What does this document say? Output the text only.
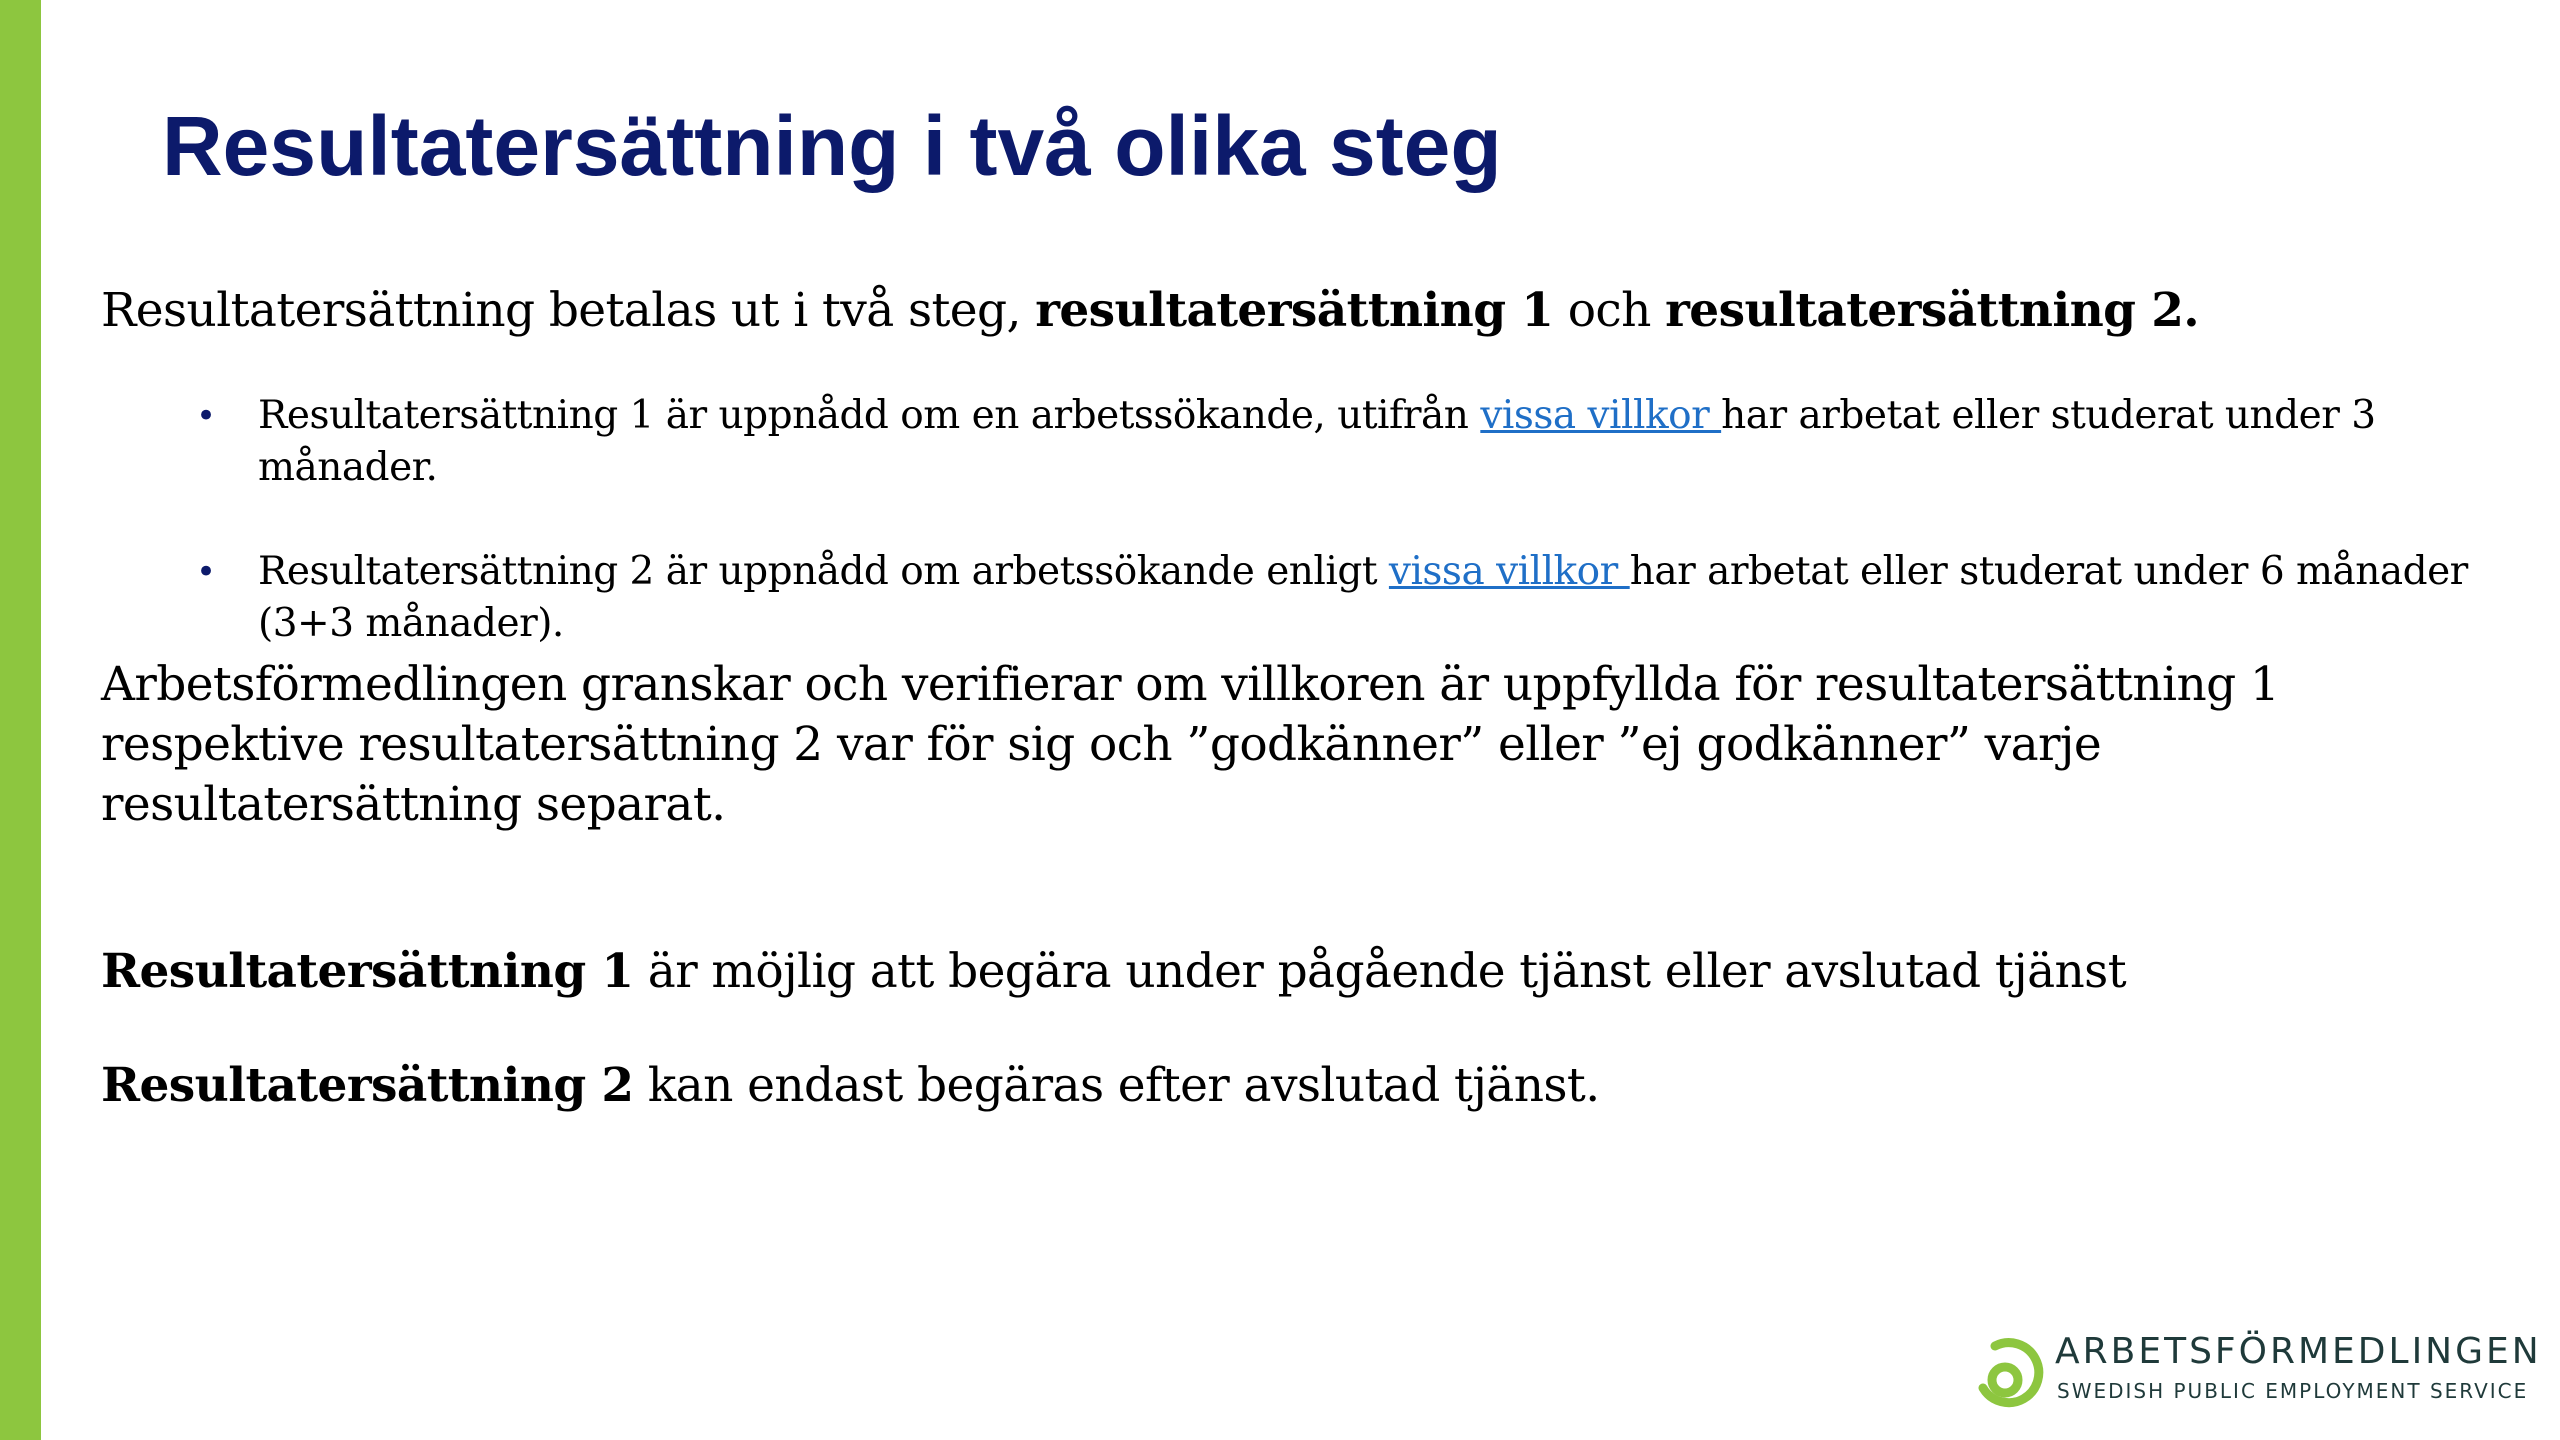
Resultatersättning i två olika steg

Resultatersättning betalas ut i två steg, resultatersättning 1 och resultatersättning 2.

• Resultatersättning 1 är uppnådd om en arbetssökande, utifrån vissa villkor har arbetat eller studerat under 3 månader.
• Resultatersättning 2 är uppnådd om arbetssökande enligt vissa villkor har arbetat eller studerat under 6 månader (3+3 månader).

Arbetsförmedlingen granskar och verifierar om villkoren är uppfyllda för resultatersättning 1 respektive resultatersättning 2 var för sig och ”godkänner” eller ”ej godkänner” varje resultatersättning separat.

Resultatersättning 1 är möjlig att begära under pågående tjänst eller avslutad tjänst

Resultatersättning 2 kan endast begäras efter avslutad tjänst.

ARBETSFÖRMEDLINGEN
SWEDISH PUBLIC EMPLOYMENT SERVICE
